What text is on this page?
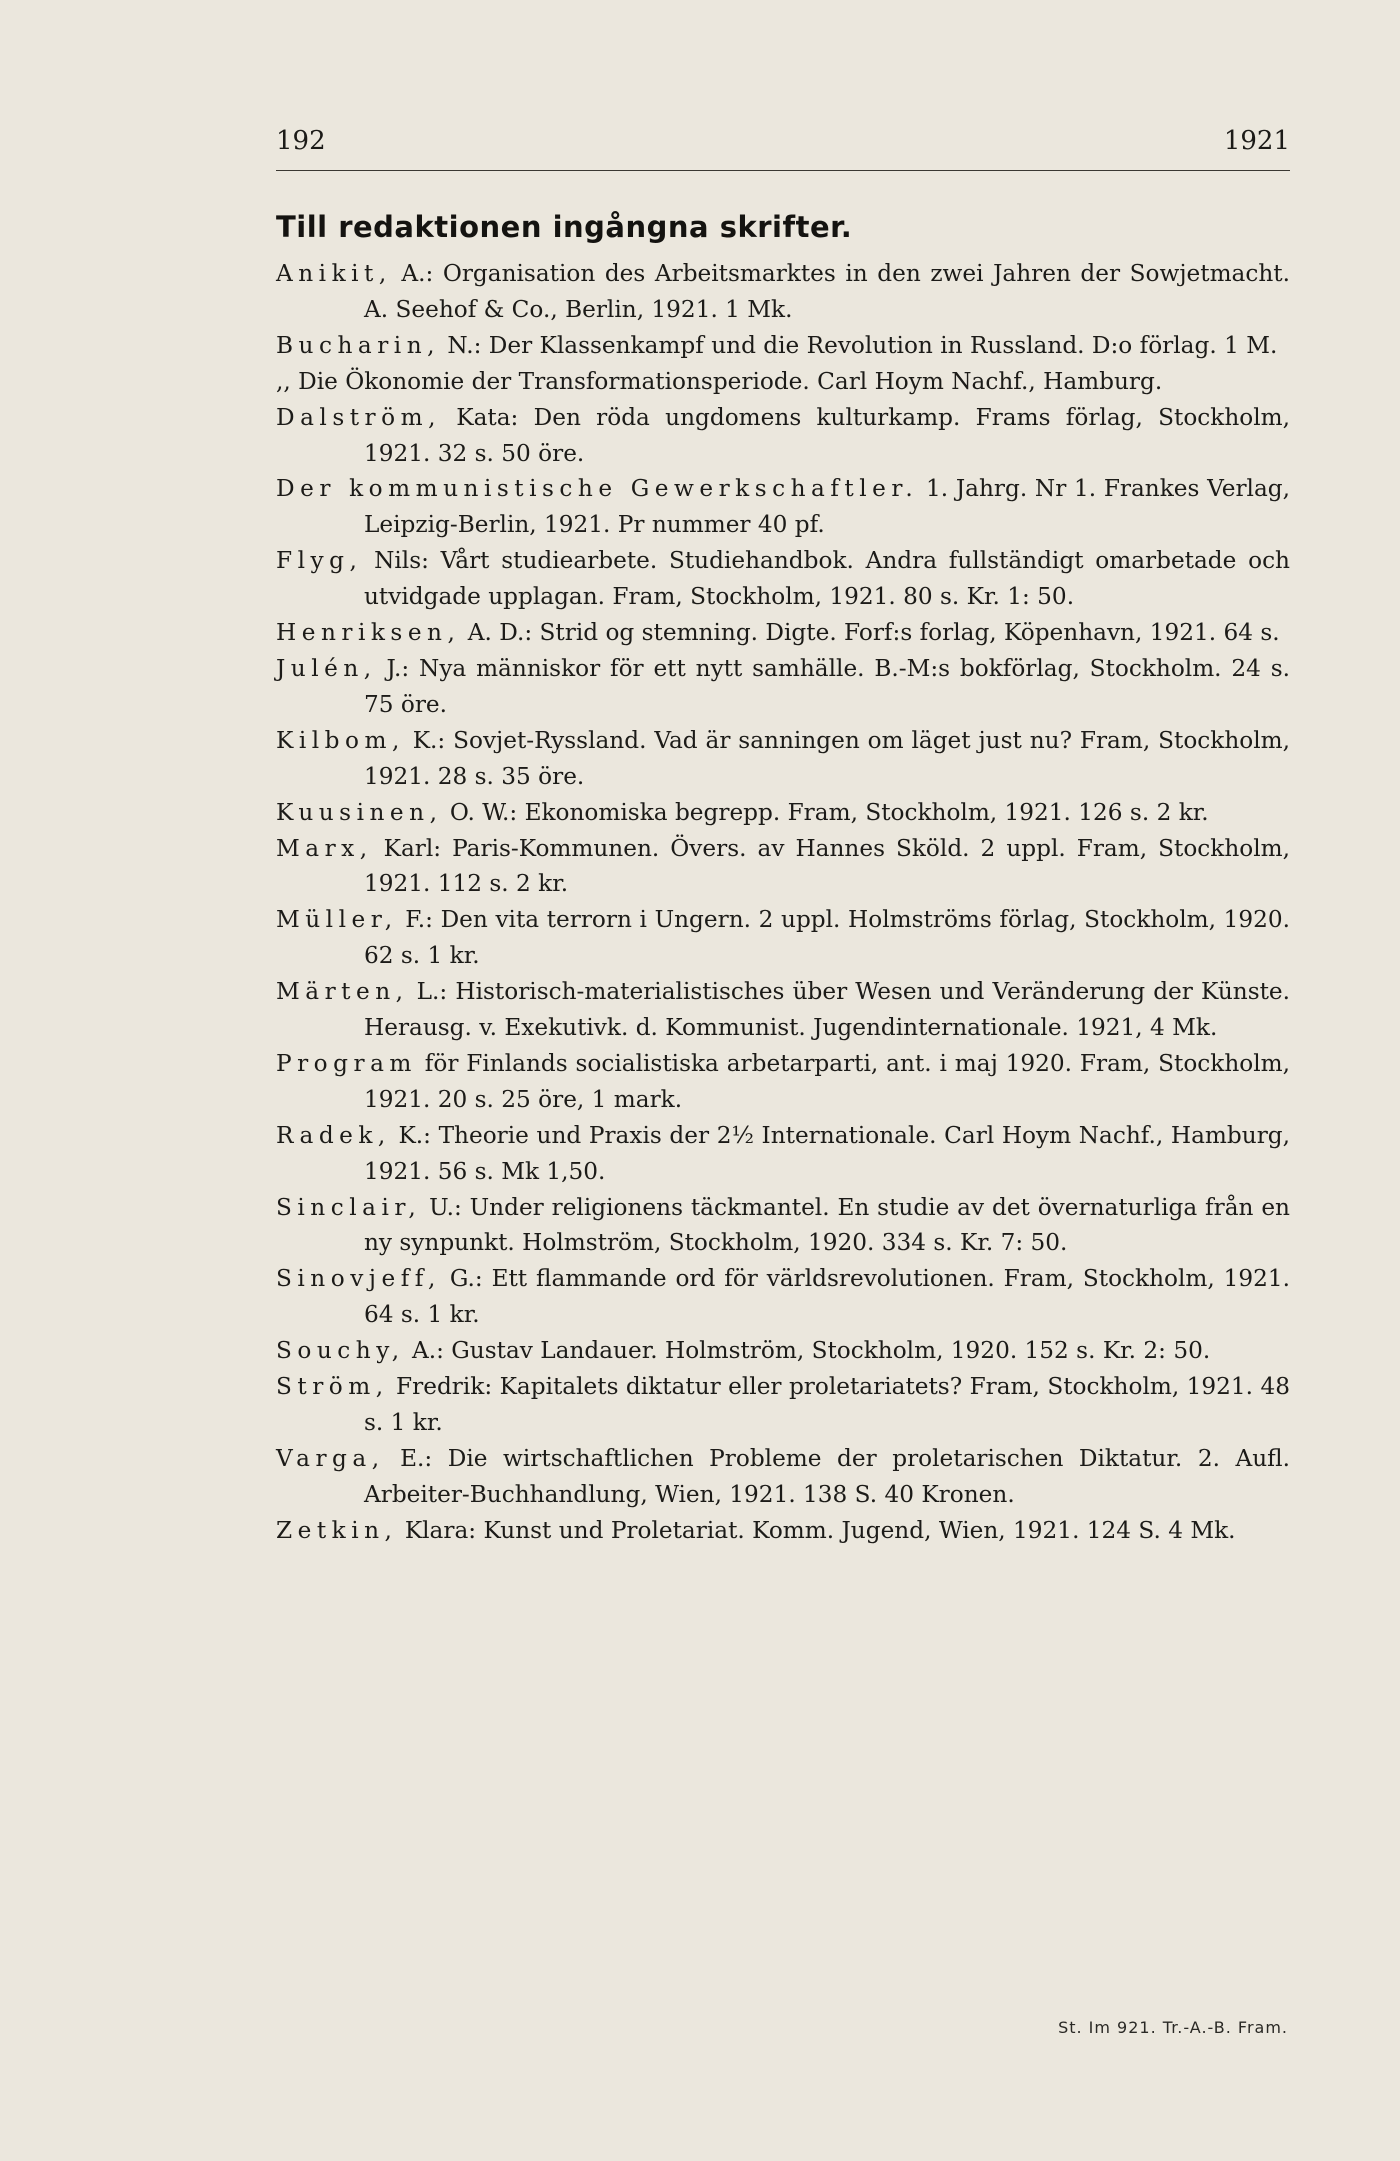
192	1921
Till redaktionen ingångna skrifter.

Anikit, A.: Organisation des Arbeitsmarktes in den zwei Jahren der Sowjetmacht. A. Seehof & Co., Berlin, 1921. 1 Mk.

Bucharin, N.: Der Klassenkampf und die Revolution in Russland. D:o förlag. 1 M.

,, Die Ökonomie der Transformationsperiode. Carl Hoym Nachf., Hamburg.

Dalström, Kata: Den röda ungdomens kulturkamp. Frams förlag, Stockholm, 1921. 32 s. 50 öre.

Der kommunistische Gewerkschaftler. 1. Jahrg. Nr 1. Frankes Verlag, Leipzig-Berlin, 1921. Pr nummer 40 pf.

Flyg, Nils: Vårt studiearbete. Studiehandbok. Andra fullständigt omarbetade och utvidgade upplagan. Fram, Stockholm, 1921. 80 s. Kr. 1: 50.

Henriksen, A. D.: Strid og stemning. Digte. Forf:s forlag, Köpenhavn, 1921. 64 s.

Julén, J.: Nya människor för ett nytt samhälle. B.-M:s bokförlag, Stockholm. 24 s. 75 öre.

Kilbom, K.: Sovjet-Ryssland. Vad är sanningen om läget just nu? Fram, Stockholm, 1921. 28 s. 35 öre.

Kuusinen, O. W.: Ekonomiska begrepp. Fram, Stockholm, 1921. 126 s. 2 kr.

Marx, Karl: Paris-Kommunen. Övers. av Hannes Sköld. 2 uppl. Fram, Stockholm, 1921. 112 s. 2 kr.

Müller, F.: Den vita terrorn i Ungern. 2 uppl. Holmströms förlag, Stockholm, 1920. 62 s. 1 kr.

Märten, L.: Historisch-materialistisches über Wesen und Veränderung der Künste. Herausg. v. Exekutivk. d. Kommunist. Jugendinternationale. 1921, 4 Mk.

Program för Finlands socialistiska arbetarparti, ant. i maj 1920. Fram, Stockholm, 1921. 20 s. 25 öre, 1 mark.

Radek, K.: Theorie und Praxis der 2½ Internationale. Carl Hoym Nachf., Hamburg, 1921. 56 s. Mk 1,50.

Sinclair, U.: Under religionens täckmantel. En studie av det övernaturliga från en ny synpunkt. Holmström, Stockholm, 1920. 334 s. Kr. 7: 50.

Sinovjeff, G.: Ett flammande ord för världsrevolutionen. Fram, Stockholm, 1921. 64 s. 1 kr.

Souchy, A.: Gustav Landauer. Holmström, Stockholm, 1920. 152 s. Kr. 2: 50.

Ström, Fredrik: Kapitalets diktatur eller proletariatets? Fram, Stockholm, 1921. 48 s. 1 kr.

Varga, E.: Die wirtschaftlichen Probleme der proletarischen Diktatur. 2. Aufl. Arbeiter-Buchhandlung, Wien, 1921. 138 S. 40 Kronen.

Zetkin, Klara: Kunst und Proletariat. Komm. Jugend, Wien, 1921. 124 S. 4 Mk.

St. Im 921. Tr.-A.-B. Fram.
